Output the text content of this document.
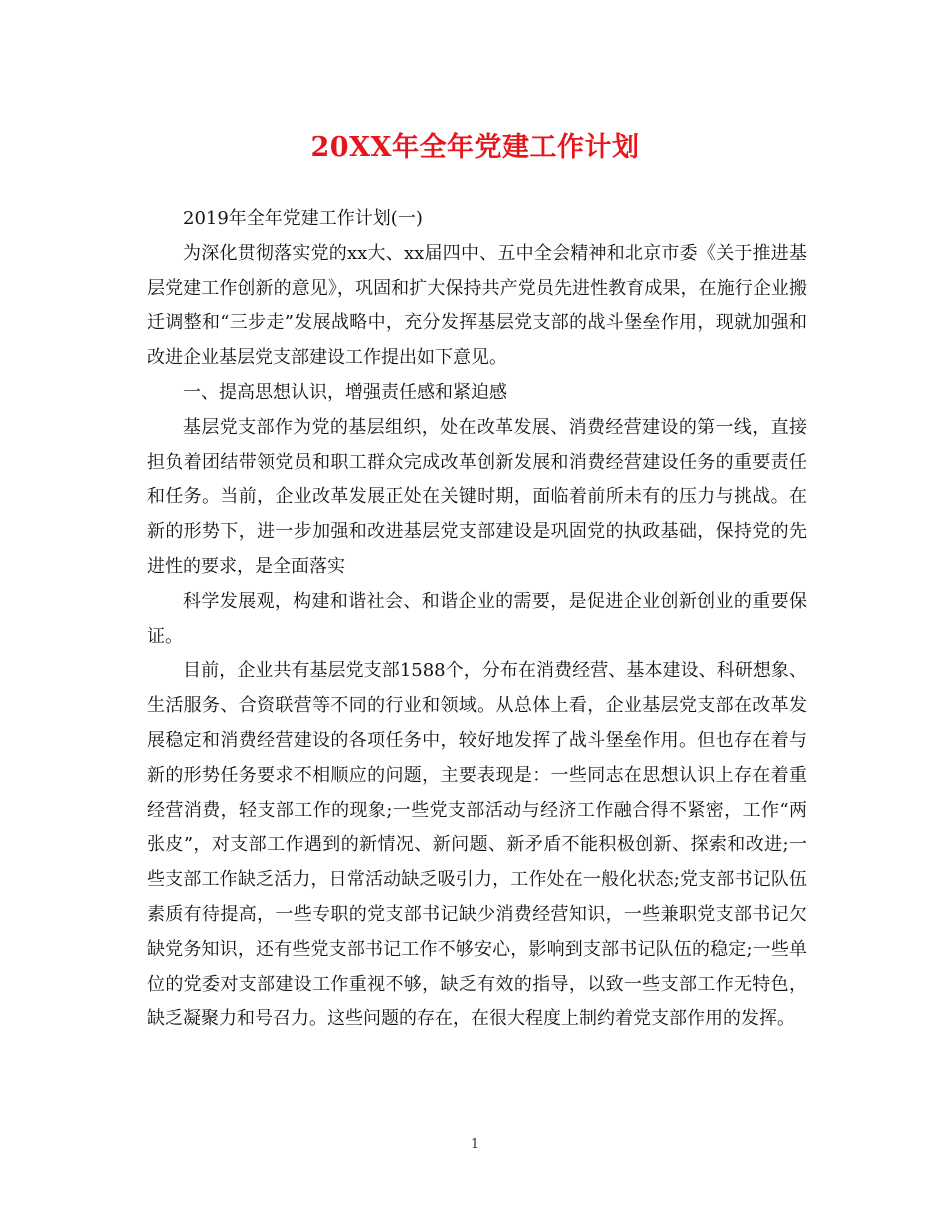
20XX年全年党建工作计划

2019年全年党建工作计划(一)

为深化贯彻落实党的xx大、xx届四中、五中全会精神和北京市委《关于推进基层党建工作创新的意见》，巩固和扩大保持共产党员先进性教育成果，在施行企业搬迁调整和“三步走”发展战略中，充分发挥基层党支部的战斗堡垒作用，现就加强和改进企业基层党支部建设工作提出如下意见。

一、提高思想认识，增强责任感和紧迫感

基层党支部作为党的基层组织，处在改革发展、消费经营建设的第一线，直接担负着团结带领党员和职工群众完成改革创新发展和消费经营建设任务的重要责任和任务。当前，企业改革发展正处在关键时期，面临着前所未有的压力与挑战。在新的形势下，进一步加强和改进基层党支部建设是巩固党的执政基础，保持党的先进性的要求，是全面落实

科学发展观，构建和谐社会、和谐企业的需要，是促进企业创新创业的重要保证。

目前，企业共有基层党支部1588个，分布在消费经营、基本建设、科研想象、生活服务、合资联营等不同的行业和领域。从总体上看，企业基层党支部在改革发展稳定和消费经营建设的各项任务中，较好地发挥了战斗堡垒作用。但也存在着与新的形势任务要求不相顺应的问题，主要表现是：一些同志在思想认识上存在着重经营消费，轻支部工作的现象;一些党支部活动与经济工作融合得不紧密，工作“两张皮”，对支部工作遇到的新情况、新问题、新矛盾不能积极创新、探索和改进;一些支部工作缺乏活力，日常活动缺乏吸引力，工作处在一般化状态;党支部书记队伍素质有待提高，一些专职的党支部书记缺少消费经营知识，一些兼职党支部书记欠缺党务知识，还有些党支部书记工作不够安心，影响到支部书记队伍的稳定;一些单位的党委对支部建设工作重视不够，缺乏有效的指导，以致一些支部工作无特色，缺乏凝聚力和号召力。这些问题的存在，在很大程度上制约着党支部作用的发挥。

1
